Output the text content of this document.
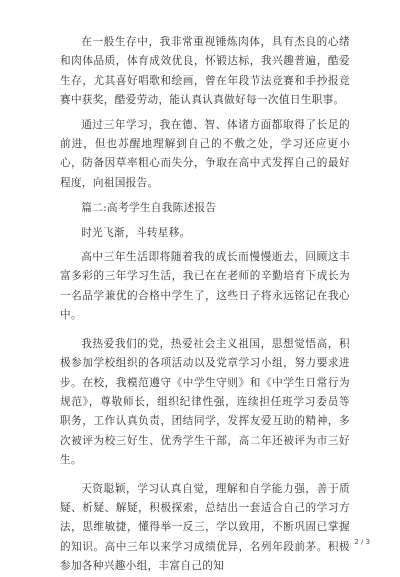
在一般生存中，我非常重视锤炼肉体，具有杰良的心绪和肉体品质，体育成效优良，怀锻达标，我兴趣普遍，酷爱生存，尤其喜好唱歌和绘画，曾在年段节法竞赛和手抄报竞赛中获奖，酷爱劳动，能认真认真做好每一次值日生职事。

通过三年学习，我在德、智、体诸方面都取得了长足的前进，但也苏醒地理解到自己的不敷之处，学习还应更小心，防备因草率粗心而失分，争取在高中式发挥自己的最好程度，向祖国报告。

篇二:高考学生自我陈述报告

时光飞渐，斗转星移。

高中三年生活即将随着我的成长而慢慢逝去，回顾这丰富多彩的三年学习生活，我已在在老师的辛勤培育下成长为一名品学兼优的合格中学生了，这些日子将永远铭记在我心中。

我热爱我们的党，热爱社会主义祖国，思想觉悟高，积极参加学校组织的各项活动以及党章学习小组，努力要求进步。在校，我模范遵守《中学生守则》和《中学生日常行为规范》，尊敬师长，组织纪律性强，连续担任班学习委员等职务，工作认真负责，团结同学，发挥友爱互助的精神，多次被评为校三好生、优秀学生干部，高二年还被评为市三好生。

天资聪颖，学习认真自觉，理解和自学能力强，善于质疑、析疑、解疑，积极探索，总结出一套适合自己的学习方法，思维敏捷，懂得举一反三，学以致用，不断巩固已掌握的知识。高中三年以来学习成绩优异，名列年段前茅。积极参加各种兴趣小组，丰富自己的知

2 / 3
